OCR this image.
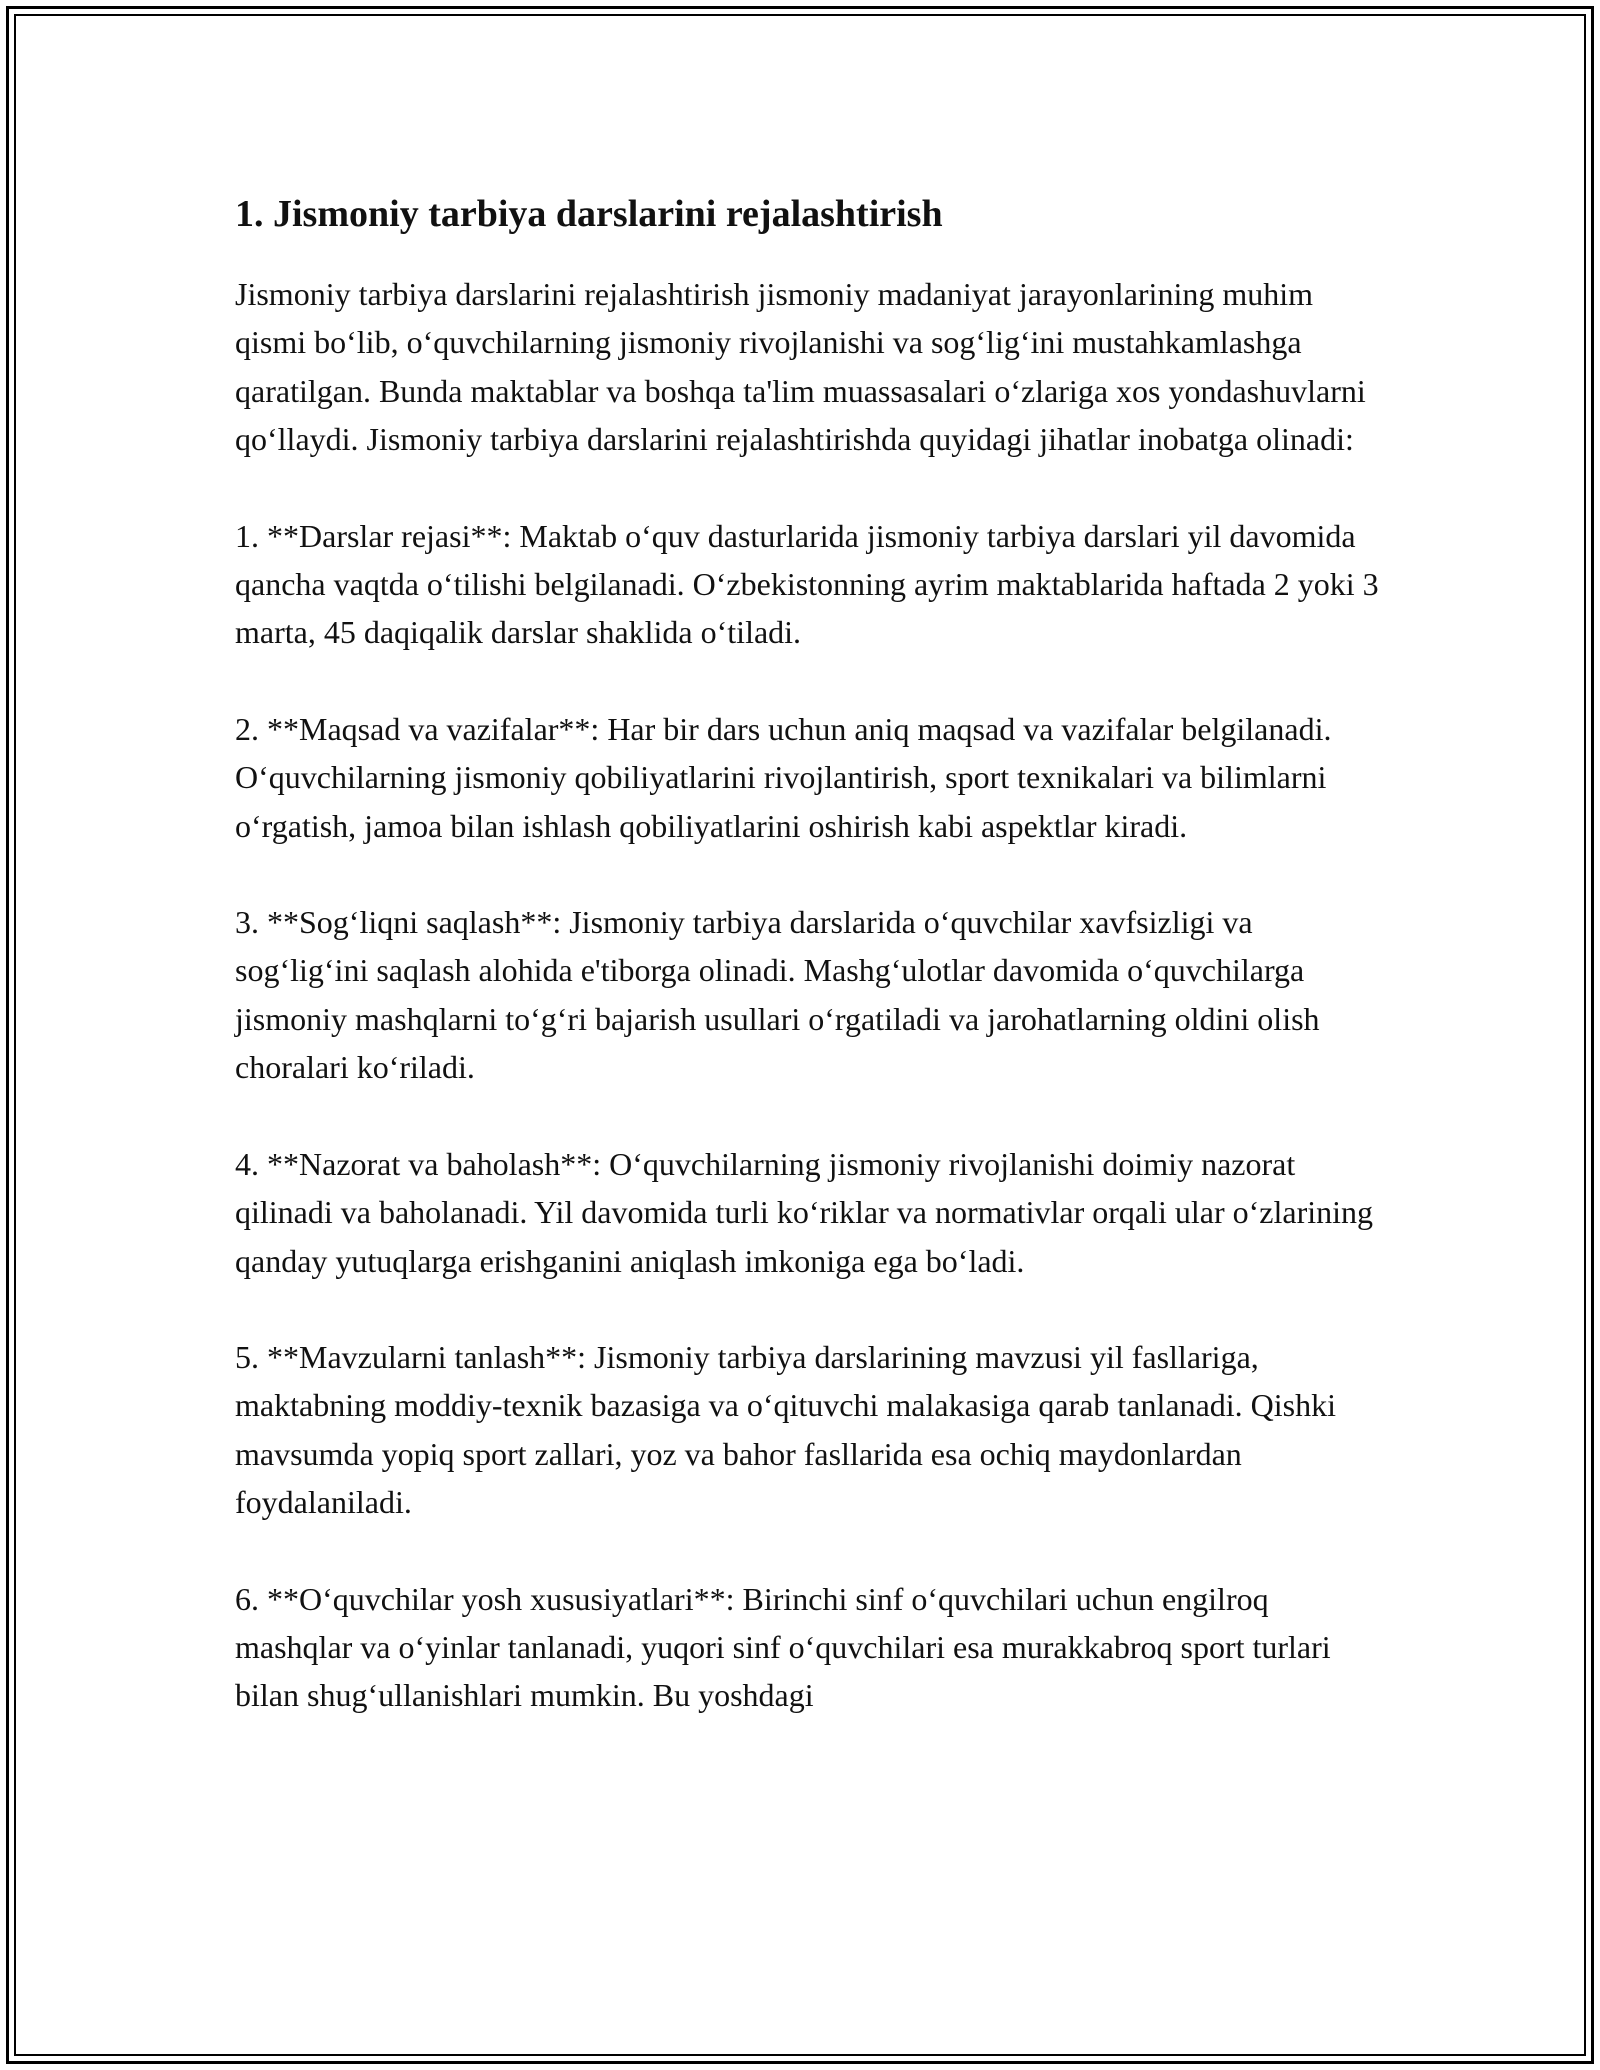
1. Jismoniy tarbiya darslarini rejalashtirish

Jismoniy tarbiya darslarini rejalashtirish jismoniy madaniyat jarayonlarining muhim qismi bo‘lib, o‘quvchilarning jismoniy rivojlanishi va sog‘lig‘ini mustahkamlashga qaratilgan. Bunda maktablar va boshqa ta'lim muassasalari o‘zlariga xos yondashuvlarni qo‘llaydi. Jismoniy tarbiya darslarini rejalashtirishda quyidagi jihatlar inobatga olinadi:

1. **Darslar rejasi**: Maktab o‘quv dasturlarida jismoniy tarbiya darslari yil davomida qancha vaqtda o‘tilishi belgilanadi. O‘zbekistonning ayrim maktablarida haftada 2 yoki 3 marta, 45 daqiqalik darslar shaklida o‘tiladi.

2. **Maqsad va vazifalar**: Har bir dars uchun aniq maqsad va vazifalar belgilanadi. O‘quvchilarning jismoniy qobiliyatlarini rivojlantirish, sport texnikalari va bilimlarni o‘rgatish, jamoa bilan ishlash qobiliyatlarini oshirish kabi aspektlar kiradi.

3. **Sog‘liqni saqlash**: Jismoniy tarbiya darslarida o‘quvchilar xavfsizligi va sog‘lig‘ini saqlash alohida e'tiborga olinadi. Mashg‘ulotlar davomida o‘quvchilarga jismoniy mashqlarni to‘g‘ri bajarish usullari o‘rgatiladi va jarohatlarning oldini olish choralari ko‘riladi.

4. **Nazorat va baholash**: O‘quvchilarning jismoniy rivojlanishi doimiy nazorat qilinadi va baholanadi. Yil davomida turli ko‘riklar va normativlar orqali ular o‘zlarining qanday yutuqlarga erishganini aniqlash imkoniga ega bo‘ladi.

5. **Mavzularni tanlash**: Jismoniy tarbiya darslarining mavzusi yil fasllariga, maktabning moddiy-texnik bazasiga va o‘qituvchi malakasiga qarab tanlanadi. Qishki mavsumda yopiq sport zallari, yoz va bahor fasllarida esa ochiq maydonlardan foydalaniladi.

6. **O‘quvchilar yosh xususiyatlari**: Birinchi sinf o‘quvchilari uchun engilroq mashqlar va o‘yinlar tanlanadi, yuqori sinf o‘quvchilari esa murakkabroq sport turlari bilan shug‘ullanishlari mumkin. Bu yoshdagi
